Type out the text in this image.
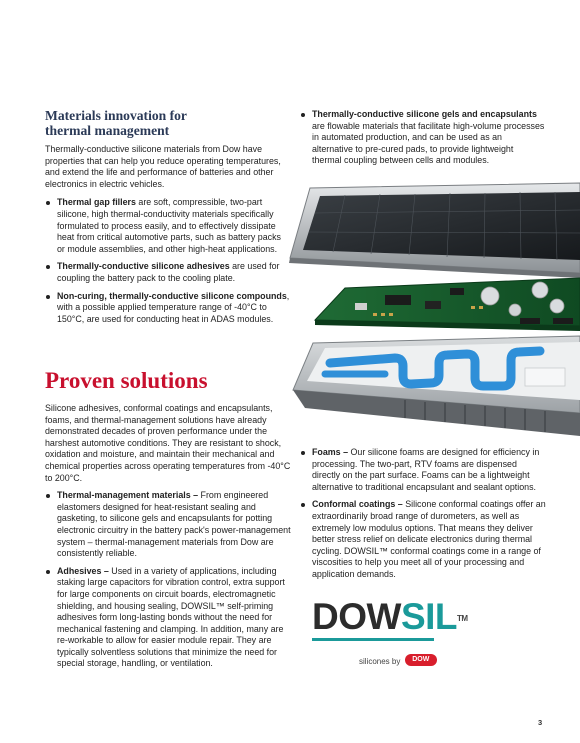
Materials innovation for
thermal management

Thermally-conductive silicone materials from Dow have properties that can help you reduce operating temperatures, and extend the life and performance of batteries and other electronics in electric vehicles.

Thermal gap fillers are soft, compressible, two-part silicone, high thermal-conductivity materials specifically formulated to process easily, and to effectively dissipate heat from critical automotive parts, such as battery packs or module assemblies, and other high-heat applications.
Thermally-conductive silicone adhesives are used for coupling the battery pack to the cooling plate.
Non-curing, thermally-conductive silicone compounds, with a possible applied temperature range of -40°C to 150°C, are used for conducting heat in ADAS modules.
Thermally-conductive silicone gels and encapsulants are flowable materials that facilitate high-volume processes in automated production, and can be used as an alternative to pre-cured pads, to provide lightweight thermal coupling between cells and modules.
Proven solutions

Silicone adhesives, conformal coatings and encapsulants, foams, and thermal-management solutions have already demonstrated decades of proven performance under the harshest automotive conditions. They are resistant to shock, oxidation and moisture, and maintain their mechanical and chemical properties across operating temperatures from -40°C to 200°C.

Thermal-management materials – From engineered elastomers designed for heat-resistant sealing and gasketing, to silicone gels and encapsulants for potting electronic circuitry in the battery pack's power-management system – thermal-management materials from Dow are consistently reliable.
Adhesives – Used in a variety of applications, including staking large capacitors for vibration control, extra support for large components on circuit boards, electromagnetic shielding, and housing sealing, DOWSIL™ self-priming adhesives form long-lasting bonds without the need for mechanical fastening and clamping. In addition, many are re-workable to allow for easier module repair. They are typically solventless solutions that minimize the need for special storage, handling, or ventilation.
Foams – Our silicone foams are designed for efficiency in processing. The two-part, RTV foams are dispensed directly on the part surface. Foams can be a lightweight alternative to traditional encapsulant and sealant options.
Conformal coatings – Silicone conformal coatings offer an extraordinarily broad range of durometers, as well as extremely low modulus options. That means they deliver better stress relief on delicate electronics during thermal cycling. DOWSIL™ conformal coatings come in a range of viscosities to help you meet all of your processing and application demands.
DOWSIL™
silicones by DOW
3
